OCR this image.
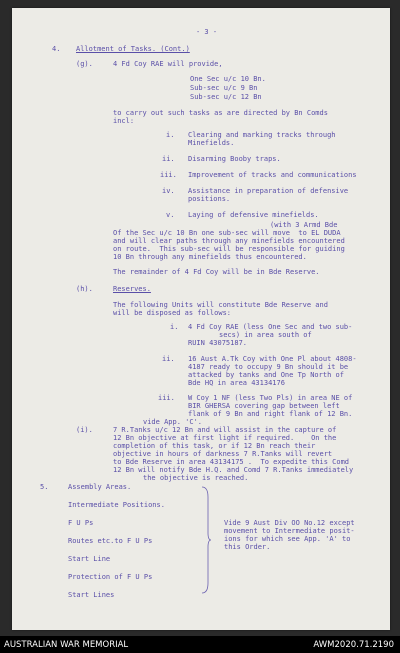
- 3 -
4. Allotment of Tasks. (Cont.)
(g).	4 Fd Coy RAE will provide,
One Sec u/c 10 Bn.
Sub-sec u/c 9 Bn
Sub-sec u/c 12 Bn
to carry out such tasks as are directed by Bn Comds
incl:
i. Clearing and marking tracks through
Minefields.
ii. Disarming Booby traps.
iii. Improvement of tracks and communications
iv. Assistance in preparation of defensive
positions.
v. Laying of defensive minefields.
(with 3 Armd Bde
Of the Sec u/c 10 Bn one sub-sec will move  to EL DUDA
and will clear paths through any minefields encountered
on route.  This sub-sec will be responsible for guiding
10 Bn through any minefields thus encountered.
The remainder of 4 Fd Coy will be in Bde Reserve.
(h).	Reserves.
The following Units will constitute Bde Reserve and
will be disposed as follows:
i. 4 Fd Coy RAE (less One Sec and two sub-
secs) in area south of
RUIN 43075187.
ii. 16 Aust A.Tk Coy with One Pl about 4808-
4187 ready to occupy 9 Bn should it be
attacked by tanks and One Tp North of
Bde HQ in area 43134176
iii. W Coy 1 NF (less Two Pls) in area NE of
BIR GHERSA covering gap between left
flank of 9 Bn and right flank of 12 Bn.
vide App. 'C'.
(i).	7 R.Tanks u/c 12 Bn and will assist in the capture of
12 Bn objective at first light if required.    On the
completion of this task, or if 12 Bn reach their
objective in hours of darkness 7 R.Tanks will revert
to Bde Reserve in area 43134175 .  To expedite this Comd
12 Bn will notify Bde H.Q. and Comd 7 R.Tanks immediately
the objective is reached.
5.	Assembly Areas.
Intermediate Positions.
F U Ps
Routes etc.to F U Ps
Start Line
Protection of F U Ps
Start Lines
Vide 9 Aust Div OO No.12 except
movement to Intermediate posit-
ions for which see App. 'A' to
this Order.
AUSTRALIAN WAR MEMORIAL	AWM2020.71.2190
